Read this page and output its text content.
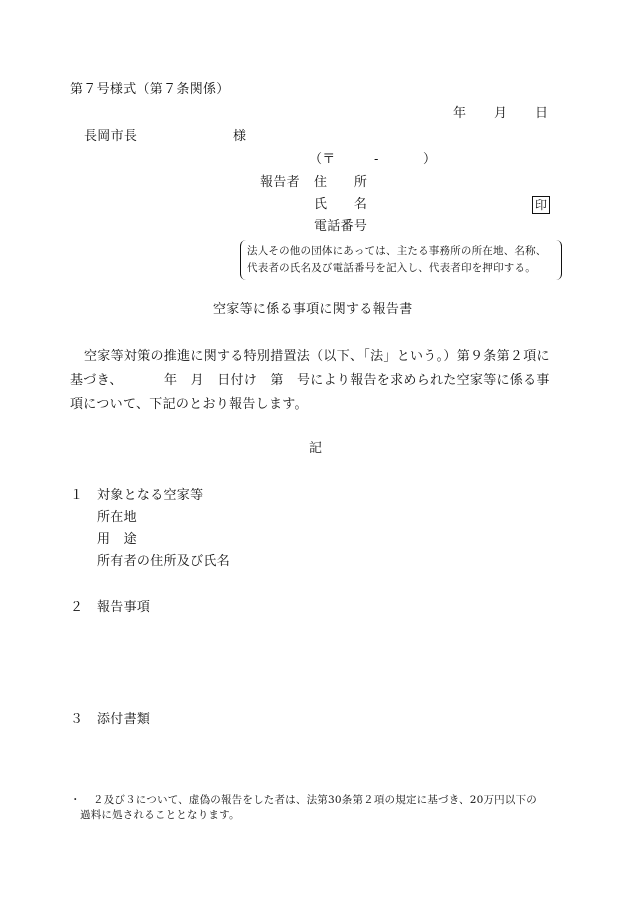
第７号様式（第７条関係）
年 月 日
長岡市長	様
（〒	-	）
報告者 住　　所
氏　　名	印
電話番号
法人その他の団体にあっては、主たる事務所の所在地、名称、
代表者の氏名及び電話番号を記入し、代表者印を押印する。
空家等に係る事項に関する報告書
空家等対策の推進に関する特別措置法（以下、「法」という。）第９条第２項に
基づき、	年　月　日付け　第　号により報告を求められた空家等に係る事
項について、下記のとおり報告します。
記
１ 対象となる空家等
所在地
用　途
所有者の住所及び氏名
２ 報告事項
３ 添付書類
・ ２及び３について、虚偽の報告をした者は、法第30条第２項の規定に基づき、20万円以下の
過料に処されることとなります。
